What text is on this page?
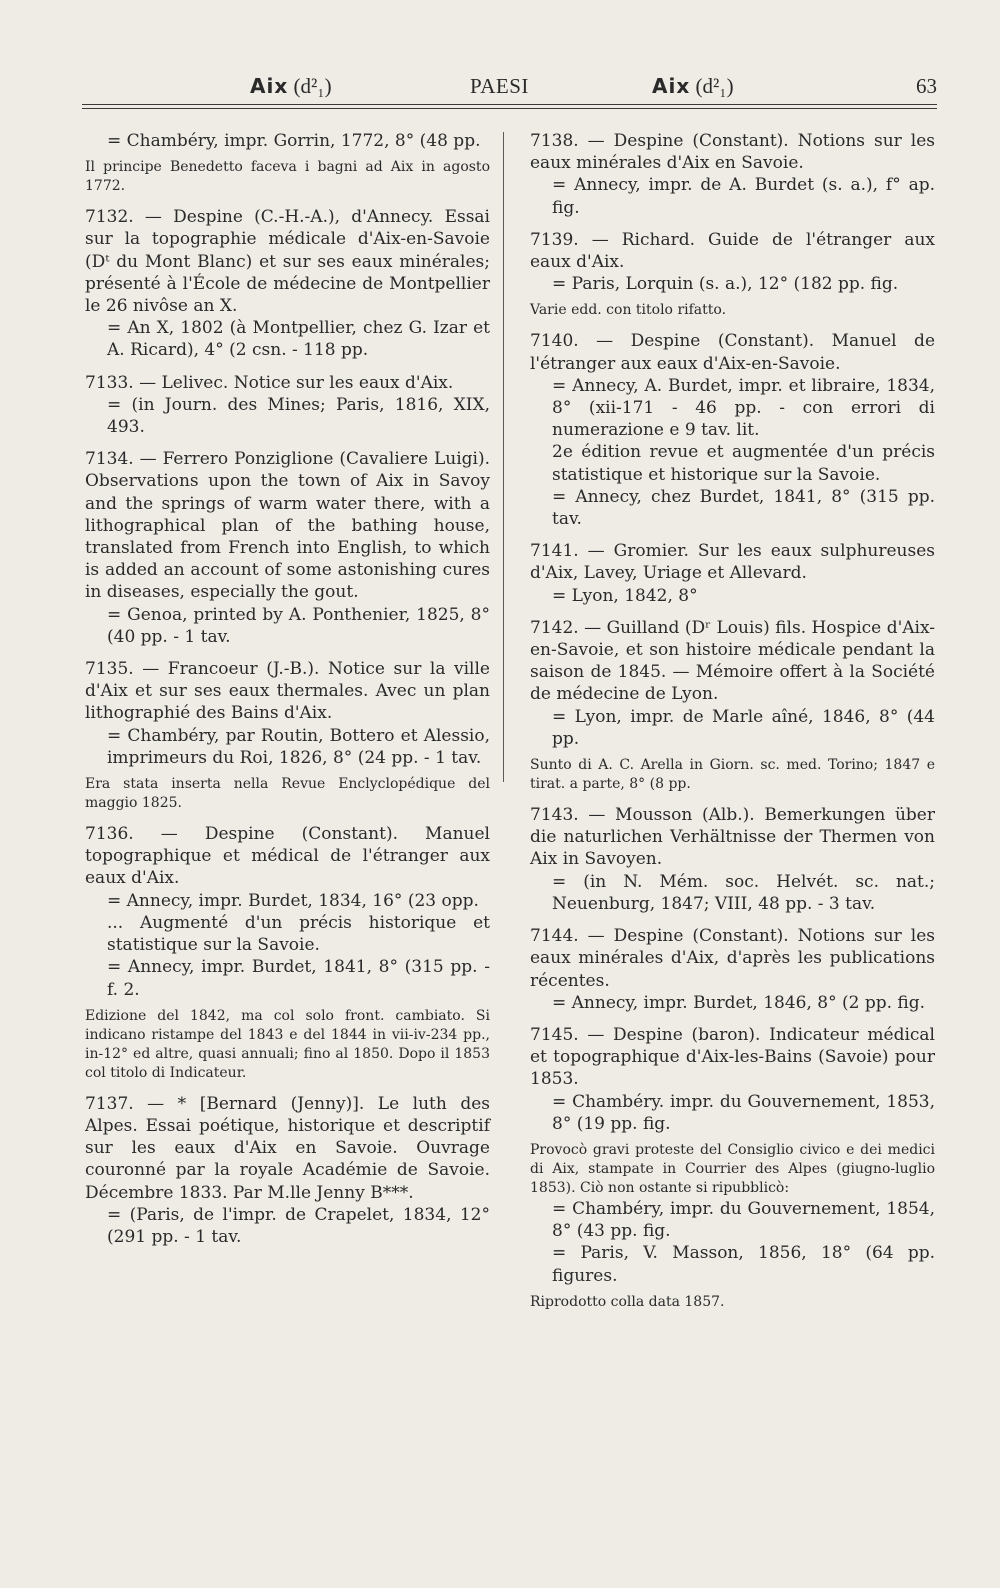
Aix (d²₁)	PAESI	Aix (d²₁)	63

= Chambéry, impr. Gorrin, 1772, 8° (48 pp.

Il principe Benedetto faceva i bagni ad Aix in agosto 1772.

7132. — Despine (C.-H.-A.), d'Annecy. Essai sur la topographie médicale d'Aix-en-Savoie (Dᵗ du Mont Blanc) et sur ses eaux minérales; présenté à l'École de médecine de Montpellier le 26 nivôse an X.

= An X, 1802 (à Montpellier, chez G. Izar et A. Ricard), 4° (2 csn. - 118 pp.

7133. — Lelivec. Notice sur les eaux d'Aix.

= (in Journ. des Mines; Paris, 1816, XIX, 493.

7134. — Ferrero Ponziglione (Cavaliere Luigi). Observations upon the town of Aix in Savoy and the springs of warm water there, with a lithographical plan of the bathing house, translated from French into English, to which is added an account of some astonishing cures in diseases, especially the gout.

= Genoa, printed by A. Ponthenier, 1825, 8° (40 pp. - 1 tav.

7135. — Francoeur (J.-B.). Notice sur la ville d'Aix et sur ses eaux thermales. Avec un plan lithographié des Bains d'Aix.

= Chambéry, par Routin, Bottero et Alessio, imprimeurs du Roi, 1826, 8° (24 pp. - 1 tav.

Era stata inserta nella Revue Enclyclopédique del maggio 1825.

7136. — Despine (Constant). Manuel topographique et médical de l'étranger aux eaux d'Aix.

= Annecy, impr. Burdet, 1834, 16° (23 opp.

... Augmenté d'un précis historique et statistique sur la Savoie.

= Annecy, impr. Burdet, 1841, 8° (315 pp. - f. 2.

Edizione del 1842, ma col solo front. cambiato. Si indicano ristampe del 1843 e del 1844 in vii-iv-234 pp., in-12° ed altre, quasi annuali; fino al 1850. Dopo il 1853 col titolo di Indicateur.

7137. — * [Bernard (Jenny)]. Le luth des Alpes. Essai poétique, historique et descriptif sur les eaux d'Aix en Savoie. Ouvrage couronné par la royale Académie de Savoie. Décembre 1833. Par M.lle Jenny B***.

= (Paris, de l'impr. de Crapelet, 1834, 12° (291 pp. - 1 tav.

7138. — Despine (Constant). Notions sur les eaux minérales d'Aix en Savoie.

= Annecy, impr. de A. Burdet (s. a.), f° ap. fig.

7139. — Richard. Guide de l'étranger aux eaux d'Aix.

= Paris, Lorquin (s. a.), 12° (182 pp. fig.

Varie edd. con titolo rifatto.

7140. — Despine (Constant). Manuel de l'étranger aux eaux d'Aix-en-Savoie.

= Annecy, A. Burdet, impr. et libraire, 1834, 8° (xii-171 - 46 pp. - con errori di numerazione e 9 tav. lit.

2e édition revue et augmentée d'un précis statistique et historique sur la Savoie.

= Annecy, chez Burdet, 1841, 8° (315 pp. tav.

7141. — Gromier. Sur les eaux sulphureuses d'Aix, Lavey, Uriage et Allevard.

= Lyon, 1842, 8°

7142. — Guilland (Dʳ Louis) fils. Hospice d'Aix-en-Savoie, et son histoire médicale pendant la saison de 1845. — Mémoire offert à la Société de médecine de Lyon.

= Lyon, impr. de Marle aîné, 1846, 8° (44 pp.

Sunto di A. C. Arella in Giorn. sc. med. Torino; 1847 e tirat. a parte, 8° (8 pp.

7143. — Mousson (Alb.). Bemerkungen über die naturlichen Verhältnisse der Thermen von Aix in Savoyen.

= (in N. Mém. soc. Helvét. sc. nat.; Neuenburg, 1847; VIII, 48 pp. - 3 tav.

7144. — Despine (Constant). Notions sur les eaux minérales d'Aix, d'après les publications récentes.

= Annecy, impr. Burdet, 1846, 8° (2 pp. fig.

7145. — Despine (baron). Indicateur médical et topographique d'Aix-les-Bains (Savoie) pour 1853.

= Chambéry. impr. du Gouvernement, 1853, 8° (19 pp. fig.

Provocò gravi proteste del Consiglio civico e dei medici di Aix, stampate in Courrier des Alpes (giugno-luglio 1853). Ciò non ostante si ripubblicò:

= Chambéry, impr. du Gouvernement, 1854, 8° (43 pp. fig.

= Paris, V. Masson, 1856, 18° (64 pp. figures.

Riprodotto colla data 1857.
